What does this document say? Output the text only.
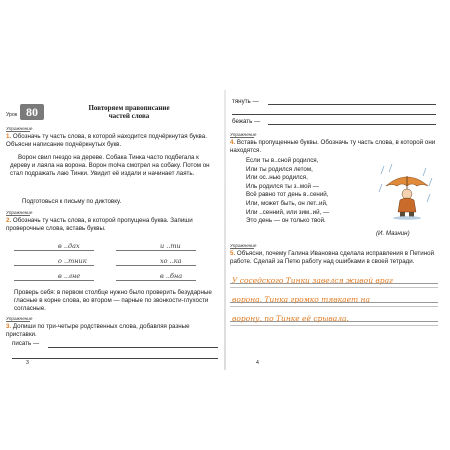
Урок 80	Повторяем правописание
частей слова
Упражнение
1. Обозначь ту часть слова, в которой находится подчёркнутая буква. Объясни написание подчёркнутых букв.
Ворон свил гнездо на дереве. Собака Тинка часто подбегала к дереву и лаяла на ворона. Ворон molча смотрел на собаку. Потом он стал подражать лаю Тинки. Увидит её издали и начинает лаять.
Подготовься к письму по диктовку.
Упражнение
2. Обозначь ту часть слова, в которой пропущена буква. Запиши проверочные слова, вставь буквы.
в ..дах	и ..ти
о ..тник	хо ..ка
в ..лне	в ..бна
Проверь себя: в первом столбце нужно было проверить безударные гласные в корне слова, во втором — парные по звонкости-глухости согласные.
Упражнение
3. Допиши по три-четыре родственных слова, добавляя разные приставки.
писать —
3
тянуть —
бежать —
Упражнение
4. Вставь пропущенные буквы. Обозначь ту часть слова, в которой они находятся.
Если ты в..сной родился,
Или ты родился летом,
Или ос..нью родился,
Иль родился ты з..мой —
Всё равно тот день в..сений,
Или, может быть, он лет..ий,
Или ..сенний, или зим..ий, —
Это день — он только твой.
(И. Мазнин)
Упражнение
5. Объясни, почему Галина Ивановна сделала исправления в Петиной работе. Сделай за Петю работу над ошибками в своей тетради.
У соседского Тинки завелся живой враг
ворона. Тинка громко тявкает на
ворону, по Тинке её срывала.
4
